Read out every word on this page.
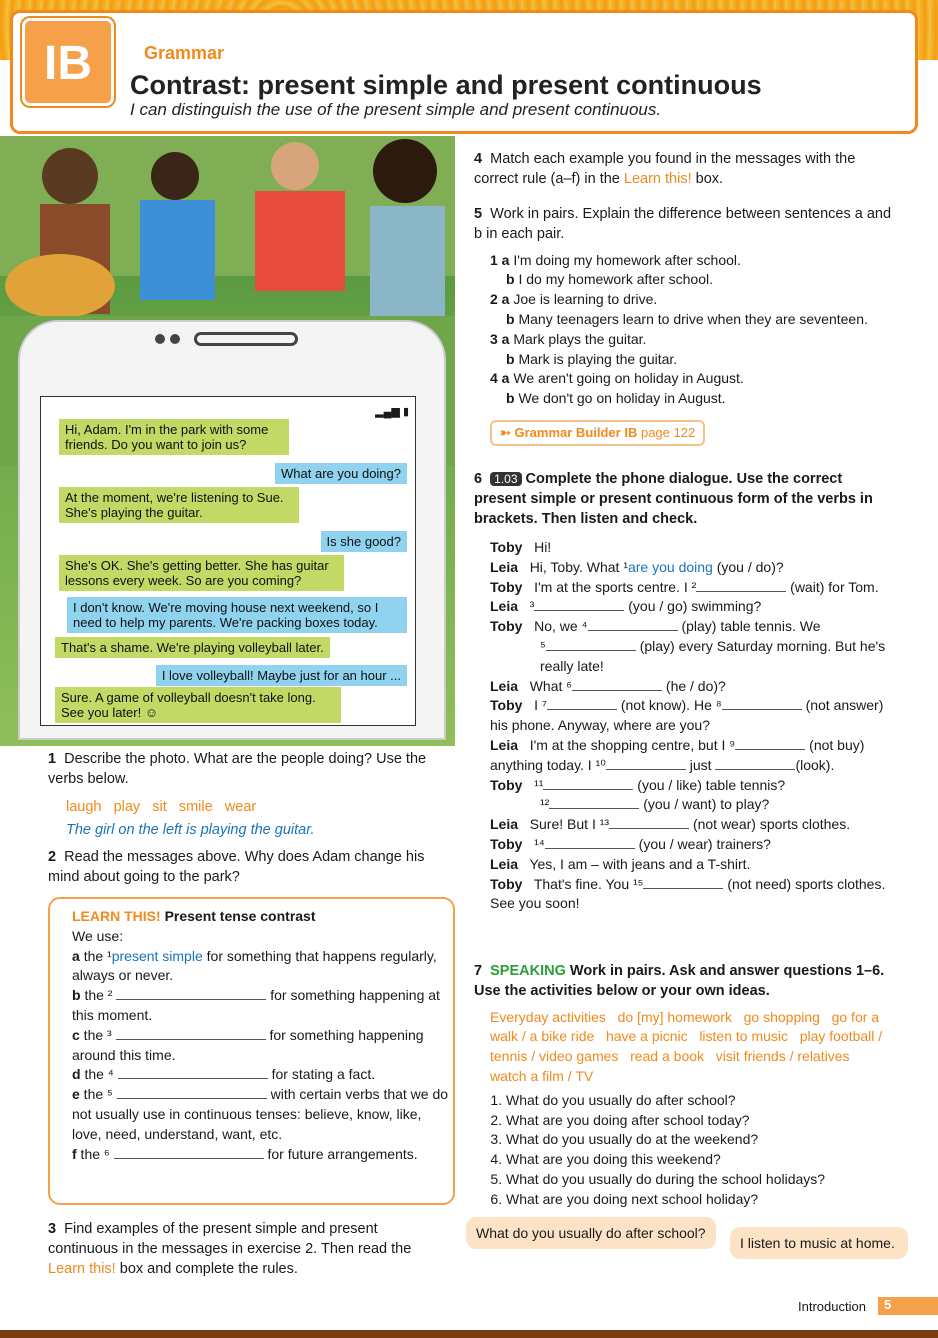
IB	Grammar
Contrast: present simple and present continuous
I can distinguish the use of the present simple and present continuous.
▂▄▆ ▮
Hi, Adam. I'm in the park with some friends. Do you want to join us?
What are you doing?
At the moment, we're listening to Sue. She's playing the guitar.
Is she good?
She's OK. She's getting better. She has guitar lessons every week. So are you coming?
I don't know. We're moving house next weekend, so I need to help my parents. We're packing boxes today.
That's a shame. We're playing volleyball later.
I love volleyball! Maybe just for an hour ...
Sure. A game of volleyball doesn't take long. See you later! ☺
1 Describe the photo. What are the people doing? Use the verbs below.
laugh   play   sit   smile   wear
The girl on the left is playing the guitar.
2 Read the messages above. Why does Adam change his mind about going to the park?
LEARN THIS! Present tense contrast
We use:
a the ¹present simple for something that happens regularly, always or never.
b the ²	for something happening at this moment.
c the ³	for something happening around this time.
d the ⁴	for stating a fact.
e the ⁵	with certain verbs that we do not usually use in continuous tenses: believe, know, like, love, need, understand, want, etc.
f the ⁶	for future arrangements.
3 Find examples of the present simple and present continuous in the messages in exercise 2. Then read the Learn this! box and complete the rules.
4 Match each example you found in the messages with the correct rule (a–f) in the Learn this! box.
5 Work in pairs. Explain the difference between sentences a and b in each pair.
1 a I'm doing my homework after school.
b I do my homework after school.
2 a Joe is learning to drive.
b Many teenagers learn to drive when they are seventeen.
3 a Mark plays the guitar.
b Mark is playing the guitar.
4 a We aren't going on holiday in August.
b We don't go on holiday in August.
➳ Grammar Builder IB page 122
6 1.03 Complete the phone dialogue. Use the correct present simple or present continuous form of the verbs in brackets. Then listen and check.
Toby Hi!
Leia Hi, Toby. What ¹are you doing (you / do)?
Toby I'm at the sports centre. I ²	(wait) for Tom.
Leia   ³	(you / go) swimming?
Toby No, we ⁴	(play) table tennis. We
⁵	(play) every Saturday morning. But he's really late!
Leia What ⁶	(he / do)?
Toby I ⁷	(not know). He ⁸	(not answer) his phone. Anyway, where are you?
Leia I'm at the shopping centre, but I ⁹	(not buy) anything today. I ¹⁰	just	(look).
Toby   ¹¹	(you / like) table tennis?
¹²	(you / want) to play?
Leia Sure! But I ¹³	(not wear) sports clothes.
Toby   ¹⁴	(you / wear) trainers?
Leia Yes, I am – with jeans and a T-shirt.
Toby That's fine. You ¹⁵	(not need) sports clothes. See you soon!
7 SPEAKING Work in pairs. Ask and answer questions 1–6. Use the activities below or your own ideas.
Everyday activities   do [my] homework   go shopping   go for a walk / a bike ride   have a picnic   listen to music   play football / tennis / video games   read a book   visit friends / relatives   watch a film / TV
1. What do you usually do after school?
2. What are you doing after school today?
3. What do you usually do at the weekend?
4. What are you doing this weekend?
5. What do you usually do during the school holidays?
6. What are you doing next school holiday?
What do you usually do after school?
I listen to music at home.
Introduction	5
